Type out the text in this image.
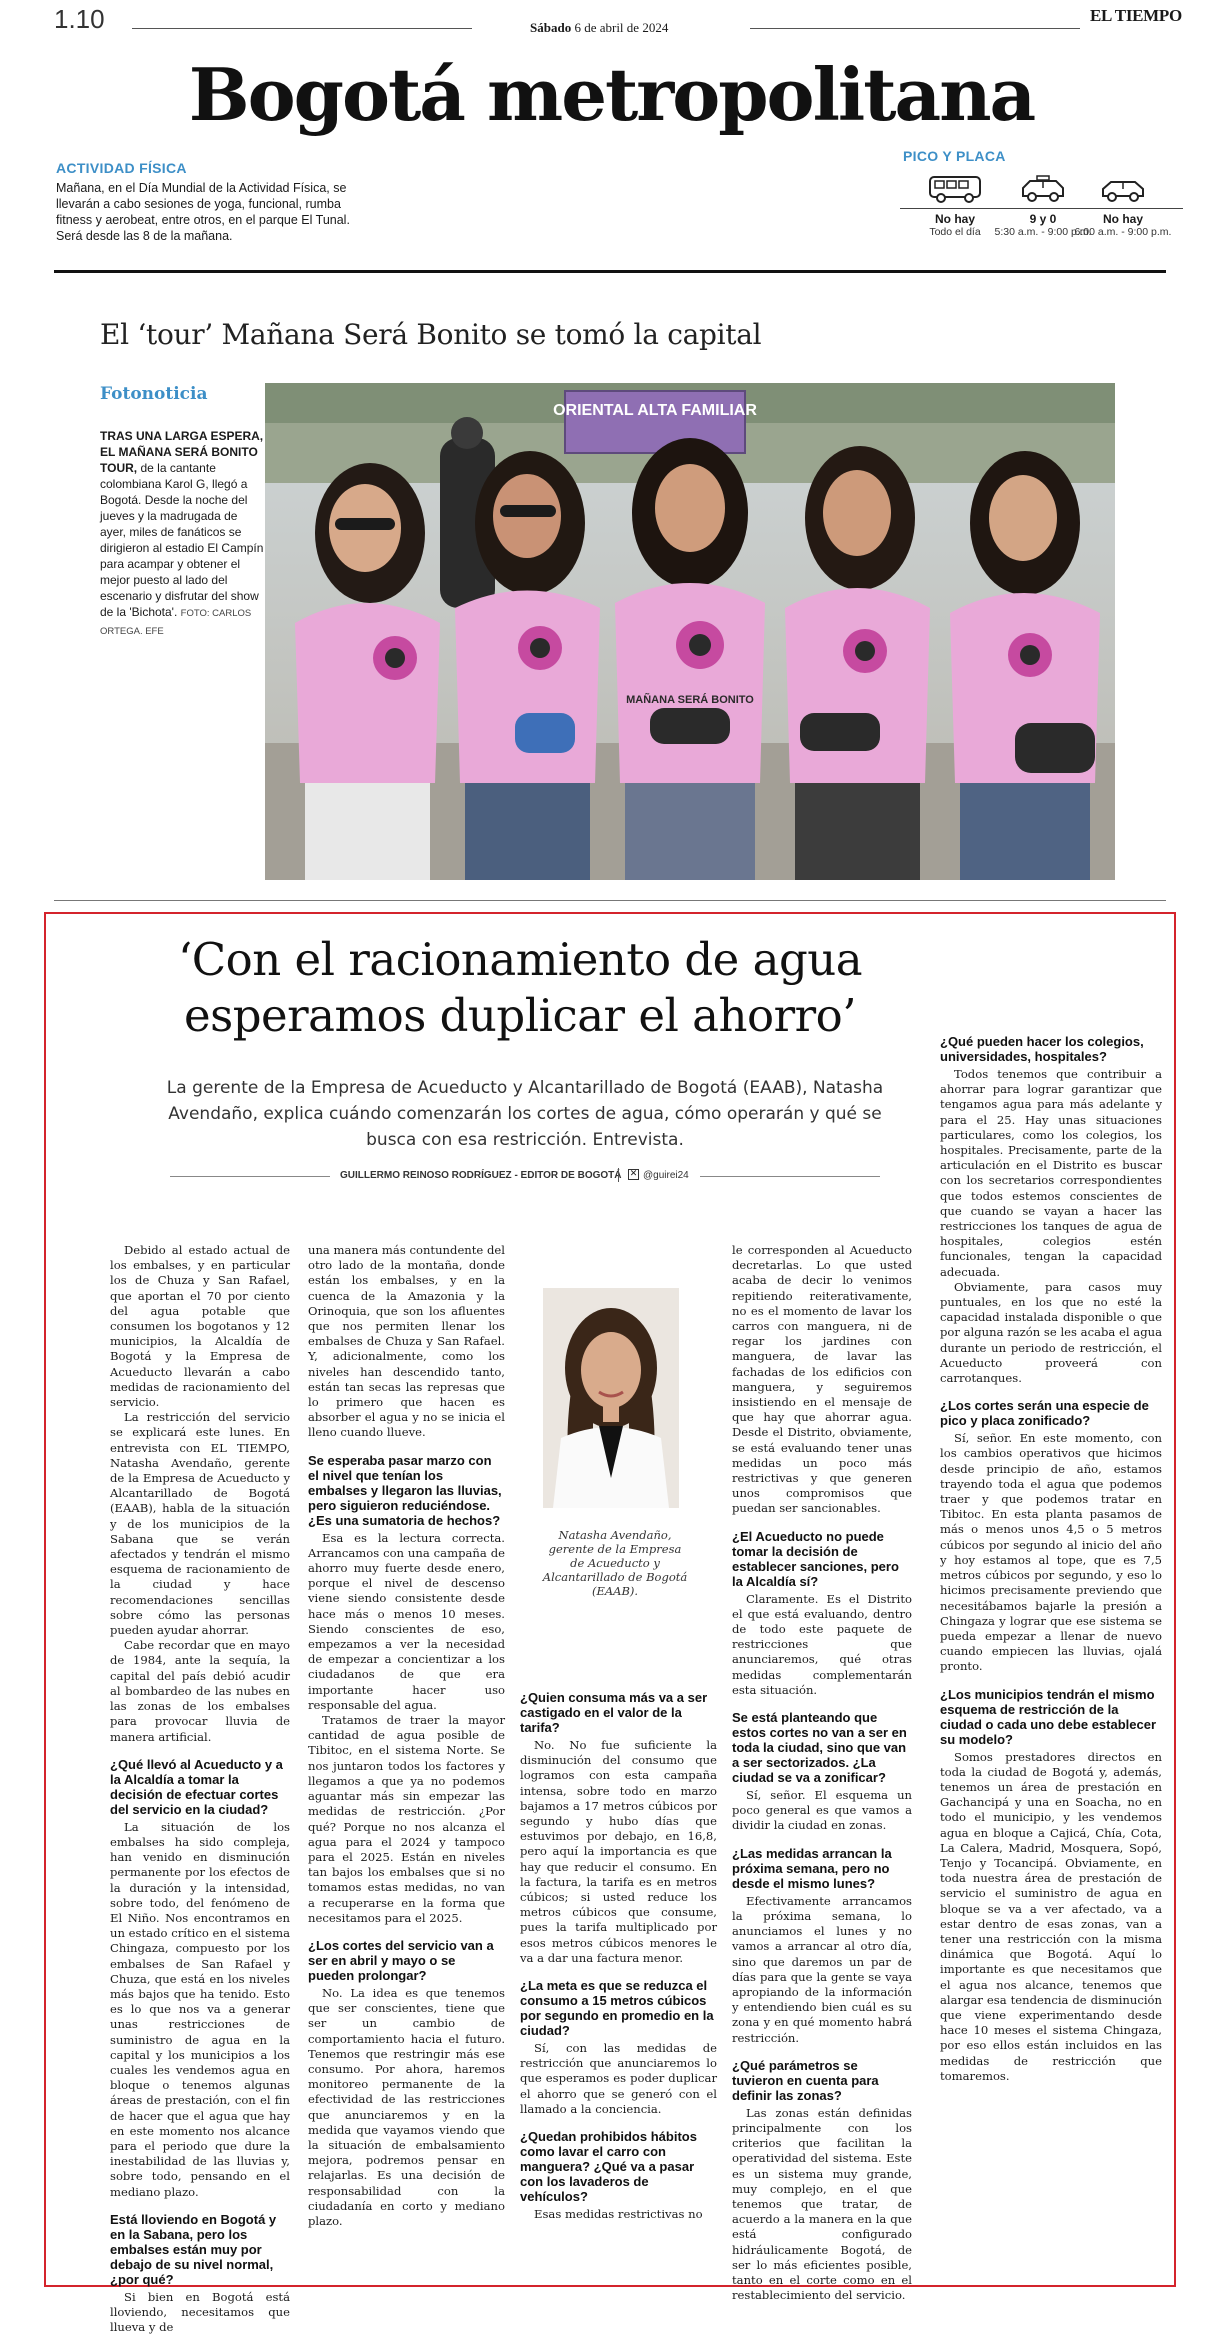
1.10	Sábado 6 de abril de 2024
EL TIEMPO
Bogotá metropolitana
ACTIVIDAD FÍSICA
Mañana, en el Día Mundial de la Actividad Física, se llevarán a cabo sesiones de yoga, funcional, rumba fitness y aerobeat, entre otros, en el parque El Tunal. Será desde las 8 de la mañana.
PICO Y PLACA
No hay
Todo el día
9 y 0
5:30 a.m. - 9:00 p.m.
No hay
6:00 a.m. - 9:00 p.m.
El ‘tour’ Mañana Será Bonito se tomó la capital
Fotonoticia
TRAS UNA LARGA ESPERA, EL MAÑANA SERÁ BONITO TOUR, de la cantante colombiana Karol G, llegó a Bogotá. Desde la noche del jueves y la madrugada de ayer, miles de fanáticos se dirigieron al estadio El Campín para acampar y obtener el mejor puesto al lado del escenario y disfrutar del show de la 'Bichota'. FOTO: CARLOS ORTEGA. EFE
ORIENTAL ALTA FAMILIAR
MAÑANA SERÁ BONITO
‘Con el racionamiento de agua
esperamos duplicar el ahorro’
La gerente de la Empresa de Acueducto y Alcantarillado de Bogotá (EAAB), Natasha Avendaño, explica cuándo comenzarán los cortes de agua, cómo operarán y qué se busca con esa restricción. Entrevista.
GUILLERMO REINOSO RODRÍGUEZ - EDITOR DE BOGOTÁ ✕ @guirei24

Debido al estado actual de los embalses, y en particular los de Chuza y San Rafael, que aportan el 70 por ciento del agua potable que consumen los bogotanos y 12 municipios, la Alcaldía de Bogotá y la Empresa de Acueducto llevarán a cabo medidas de racionamiento del servicio.

La restricción del servicio se explicará este lunes. En entrevista con EL TIEMPO, Natasha Avendaño, gerente de la Empresa de Acueducto y Alcantarillado de Bogotá (EAAB), habla de la situación y de los municipios de la Sabana que se verán afectados y tendrán el mismo esquema de racionamiento de la ciudad y hace recomendaciones sencillas sobre cómo las personas pueden ayudar ahorrar.

Cabe recordar que en mayo de 1984, ante la sequía, la capital del país debió acudir al bombardeo de las nubes en las zonas de los embalses para provocar lluvia de manera artificial.

¿Qué llevó al Acueducto y a la Alcaldía a tomar la decisión de efectuar cortes del servicio en la ciudad?

La situación de los embalses ha sido compleja, han venido en disminución permanente por los efectos de la duración y la intensidad, sobre todo, del fenómeno de El Niño. Nos encontramos en un estado crítico en el sistema Chingaza, compuesto por los embalses de San Rafael y Chuza, que está en los niveles más bajos que ha tenido. Esto es lo que nos va a generar unas restricciones de suministro de agua en la capital y los municipios a los cuales les vendemos agua en bloque o tenemos algunas áreas de prestación, con el fin de hacer que el agua que hay en este momento nos alcance para el periodo que dure la inestabilidad de las lluvias y, sobre todo, pensando en el mediano plazo.

Está lloviendo en Bogotá y en la Sabana, pero los embalses están muy por debajo de su nivel normal, ¿por qué?

Si bien en Bogotá está lloviendo, necesitamos que llueva y de

una manera más contundente del otro lado de la montaña, donde están los embalses, y en la cuenca de la Amazonia y la Orinoquia, que son los afluentes que nos permiten llenar los embalses de Chuza y San Rafael. Y, adicionalmente, como los niveles han descendido tanto, están tan secas las represas que lo primero que hacen es absorber el agua y no se inicia el lleno cuando llueve.

Se esperaba pasar marzo con el nivel que tenían los embalses y llegaron las lluvias, pero siguieron reduciéndose. ¿Es una sumatoria de hechos?

Esa es la lectura correcta. Arrancamos con una campaña de ahorro muy fuerte desde enero, porque el nivel de descenso viene siendo consistente desde hace más o menos 10 meses. Siendo conscientes de eso, empezamos a ver la necesidad de empezar a concientizar a los ciudadanos de que era importante hacer uso responsable del agua.

Tratamos de traer la mayor cantidad de agua posible de Tibitoc, en el sistema Norte. Se nos juntaron todos los factores y llegamos a que ya no podemos aguantar más sin empezar las medidas de restricción. ¿Por qué? Porque no nos alcanza el agua para el 2024 y tampoco para el 2025. Están en niveles tan bajos los embalses que si no tomamos estas medidas, no van a recuperarse en la forma que necesitamos para el 2025.

¿Los cortes del servicio van a ser en abril y mayo o se pueden prolongar?

No. La idea es que tenemos que ser conscientes, tiene que ser un cambio de comportamiento hacia el futuro. Tenemos que restringir más ese consumo. Por ahora, haremos monitoreo permanente de la efectividad de las restricciones que anunciaremos y en la medida que vayamos viendo que la situación de embalsamiento mejora, podremos pensar en relajarlas. Es una decisión de responsabilidad con la ciudadanía en corto y mediano plazo.

Natasha Avendaño, gerente de la Empresa de Acueducto y Alcantarillado de Bogotá (EAAB).
¿Quien consuma más va a ser castigado en el valor de la tarifa?

No. No fue suficiente la disminución del consumo que logramos con esta campaña intensa, sobre todo en marzo bajamos a 17 metros cúbicos por segundo y hubo días que estuvimos por debajo, en 16,8, pero aquí la importancia es que hay que reducir el consumo. En la factura, la tarifa es en metros cúbicos; si usted reduce los metros cúbicos que consume, pues la tarifa multiplicado por esos metros cúbicos menores le va a dar una factura menor.

¿La meta es que se reduzca el consumo a 15 metros cúbicos por segundo en promedio en la ciudad?

Sí, con las medidas de restricción que anunciaremos lo que esperamos es poder duplicar el ahorro que se generó con el llamado a la conciencia.

¿Quedan prohibidos hábitos como lavar el carro con manguera? ¿Qué va a pasar con los lavaderos de vehículos?

Esas medidas restrictivas no

le corresponden al Acueducto decretarlas. Lo que usted acaba de decir lo venimos repitiendo reiterativamente, no es el momento de lavar los carros con manguera, ni de regar los jardines con manguera, de lavar las fachadas de los edificios con manguera, y seguiremos insistiendo en el mensaje de que hay que ahorrar agua. Desde el Distrito, obviamente, se está evaluando tener unas medidas un poco más restrictivas y que generen unos compromisos que puedan ser sancionables.

¿El Acueducto no puede tomar la decisión de establecer sanciones, pero la Alcaldía sí?

Claramente. Es el Distrito el que está evaluando, dentro de todo este paquete de restricciones que anunciaremos, qué otras medidas complementarán esta situación.

Se está planteando que estos cortes no van a ser en toda la ciudad, sino que van a ser sectorizados. ¿La ciudad se va a zonificar?

Sí, señor. El esquema un poco general es que vamos a dividir la ciudad en zonas.

¿Las medidas arrancan la próxima semana, pero no desde el mismo lunes?

Efectivamente arrancamos la próxima semana, lo anunciamos el lunes y no vamos a arrancar al otro día, sino que daremos un par de días para que la gente se vaya apropiando de la información y entendiendo bien cuál es su zona y en qué momento habrá restricción.

¿Qué parámetros se tuvieron en cuenta para definir las zonas?

Las zonas están definidas principalmente con los criterios que facilitan la operatividad del sistema. Este es un sistema muy grande, muy complejo, en el que tenemos que tratar, de acuerdo a la manera en la que está configurado hidráulicamente Bogotá, de ser lo más eficientes posible, tanto en el corte como en el restablecimiento del servicio.

¿Qué pueden hacer los colegios, universidades, hospitales?

Todos tenemos que contribuir a ahorrar para lograr garantizar que tengamos agua para más adelante y para el 25. Hay unas situaciones particulares, como los colegios, los hospitales. Precisamente, parte de la articulación en el Distrito es buscar con los secretarios correspondientes que todos estemos conscientes de que cuando se vayan a hacer las restricciones los tanques de agua de hospitales, colegios estén funcionales, tengan la capacidad adecuada.

Obviamente, para casos muy puntuales, en los que no esté la capacidad instalada disponible o que por alguna razón se les acaba el agua durante un periodo de restricción, el Acueducto proveerá con carrotanques.

¿Los cortes serán una especie de pico y placa zonificado?

Sí, señor. En este momento, con los cambios operativos que hicimos desde principio de año, estamos trayendo toda el agua que podemos traer y que podemos tratar en Tibitoc. En esta planta pasamos de más o menos unos 4,5 o 5 metros cúbicos por segundo al inicio del año y hoy estamos al tope, que es 7,5 metros cúbicos por segundo, y eso lo hicimos precisamente previendo que necesitábamos bajarle la presión a Chingaza y lograr que ese sistema se pueda empezar a llenar de nuevo cuando empiecen las lluvias, ojalá pronto.

¿Los municipios tendrán el mismo esquema de restricción de la ciudad o cada uno debe establecer su modelo?

Somos prestadores directos en toda la ciudad de Bogotá y, además, tenemos un área de prestación en Gachancipá y una en Soacha, no en todo el municipio, y les vendemos agua en bloque a Cajicá, Chía, Cota, La Calera, Madrid, Mosquera, Sopó, Tenjo y Tocancipá. Obviamente, en toda nuestra área de prestación de servicio el suministro de agua en bloque se va a ver afectado, va a estar dentro de esas zonas, van a tener una restricción con la misma dinámica que Bogotá. Aquí lo importante es que necesitamos que el agua nos alcance, tenemos que alargar esa tendencia de disminución que viene experimentando desde hace 10 meses el sistema Chingaza, por eso ellos están incluidos en las medidas de restricción que tomaremos.
